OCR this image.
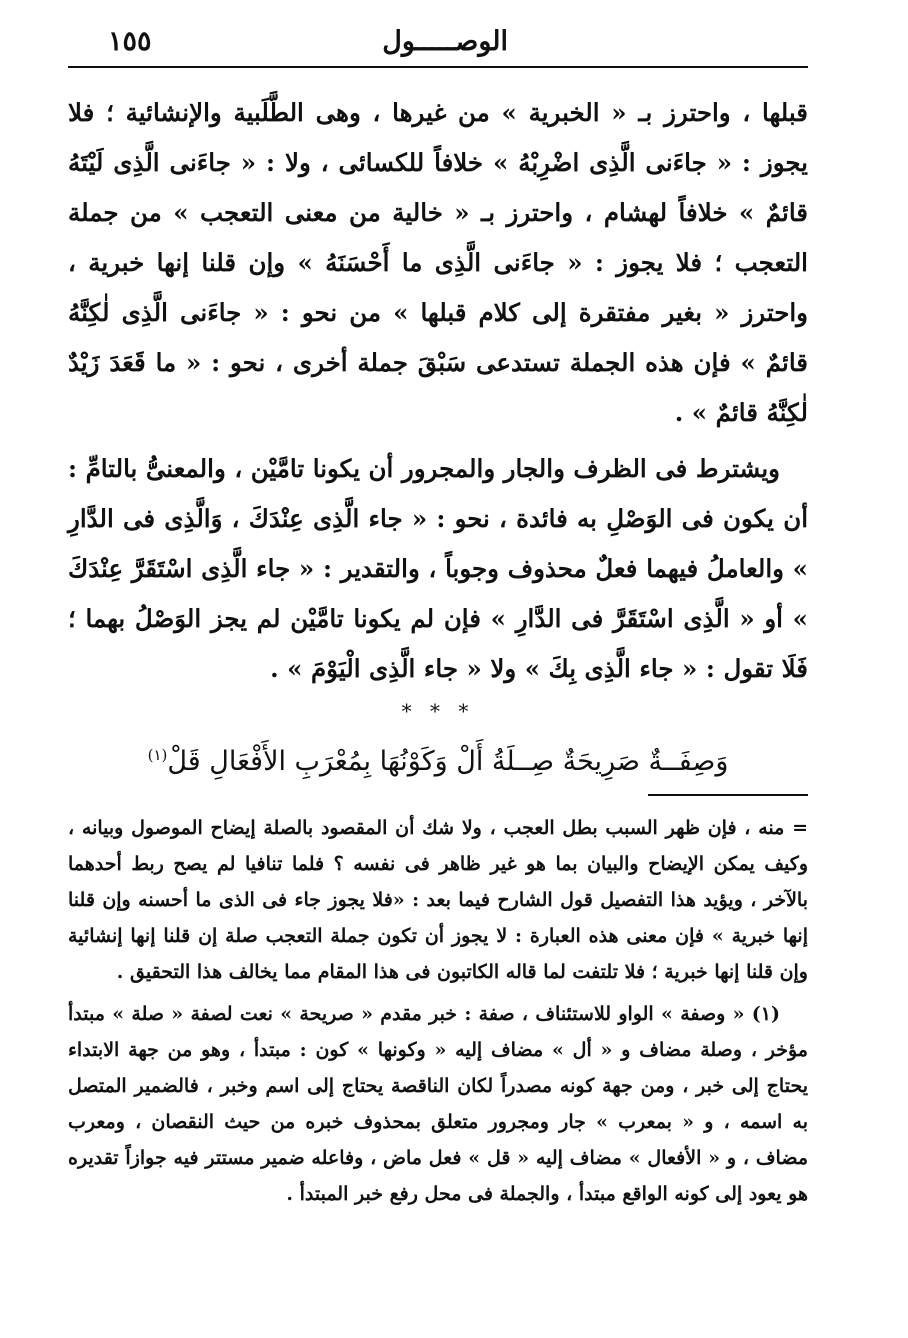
الوصـــــول
١٥٥

قبلها ، واحترز بـ « الخبرية » من غيرها ، وهى الطَّلَبية والإنشائية ؛ فلا يجوز : « جاءَنى الَّذِى اضْرِبْهُ » خلافاً للكسائى ، ولا : « جاءَنى الَّذِى لَيْتَهُ قائمٌ » خلافاً لهشام ، واحترز بـ « خالية من معنى التعجب » من جملة التعجب ؛ فلا يجوز : « جاءَنى الَّذِى ما أَحْسَنَهُ » وإن قلنا إنها خبرية ، واحترز « بغير مفتقرة إلى كلام قبلها » من نحو : « جاءَنى الَّذِى لٰكِنَّهُ قائمٌ » فإن هذه الجملة تستدعى سَبْقَ جملة أخرى ، نحو : « ما قَعَدَ زَيْدٌ لٰكِنَّهُ قائمٌ » .

ويشترط فى الظرف والجار والمجرور أن يكونا تامَّيْن ، والمعنىُّ بالتامِّ : أن يكون فى الوَصْلِ به فائدة ، نحو : « جاء الَّذِى عِنْدَكَ ، وَالَّذِى فى الدَّارِ » والعاملُ فيهما فعلٌ محذوف وجوباً ، والتقدير : « جاء الَّذِى اسْتَقَرَّ عِنْدَكَ » أو « الَّذِى اسْتَقَرَّ فى الدَّارِ » فإن لم يكونا تامَّيْن لم يجز الوَصْلُ بهما ؛ فَلَا تقول : « جاء الَّذِى بِكَ » ولا « جاء الَّذِى الْيَوْمَ » .

* * *
وَصِفَــةٌ صَرِيحَةٌ صِــلَةُ أَلْ وَكَوْنُهَا بِمُعْرَبِ الأَفْعَالِ قَلْ$^{(١)}$

= منه ، فإن ظهر السبب بطل العجب ، ولا شك أن المقصود بالصلة إيضاح الموصول وبيانه ، وكيف يمكن الإيضاح والبيان بما هو غير ظاهر فى نفسه ؟ فلما تنافيا لم يصح ربط أحدهما بالآخر ، ويؤيد هذا التفصيل قول الشارح فيما بعد : «فلا يجوز جاء فى الذى ما أحسنه وإن قلنا إنها خبرية » فإن معنى هذه العبارة : لا يجوز أن تكون جملة التعجب صلة إن قلنا إنها إنشائية وإن قلنا إنها خبرية ؛ فلا تلتفت لما قاله الكاتبون فى هذا المقام مما يخالف هذا التحقيق .

(١) « وصفة » الواو للاستئناف ، صفة : خبر مقدم « صريحة » نعت لصفة « صلة » مبتدأ مؤخر ، وصلة مضاف و « أل » مضاف إليه « وكونها » كون : مبتدأ ، وهو من جهة الابتداء يحتاج إلى خبر ، ومن جهة كونه مصدراً لكان الناقصة يحتاج إلى اسم وخبر ، فالضمير المتصل به اسمه ، و « بمعرب » جار ومجرور متعلق بمحذوف خبره من حيث النقصان ، ومعرب مضاف ، و « الأفعال » مضاف إليه « قل » فعل ماض ، وفاعله ضمير مستتر فيه جوازاً تقديره هو يعود إلى كونه الواقع مبتدأ ، والجملة فى محل رفع خبر المبتدأ .
